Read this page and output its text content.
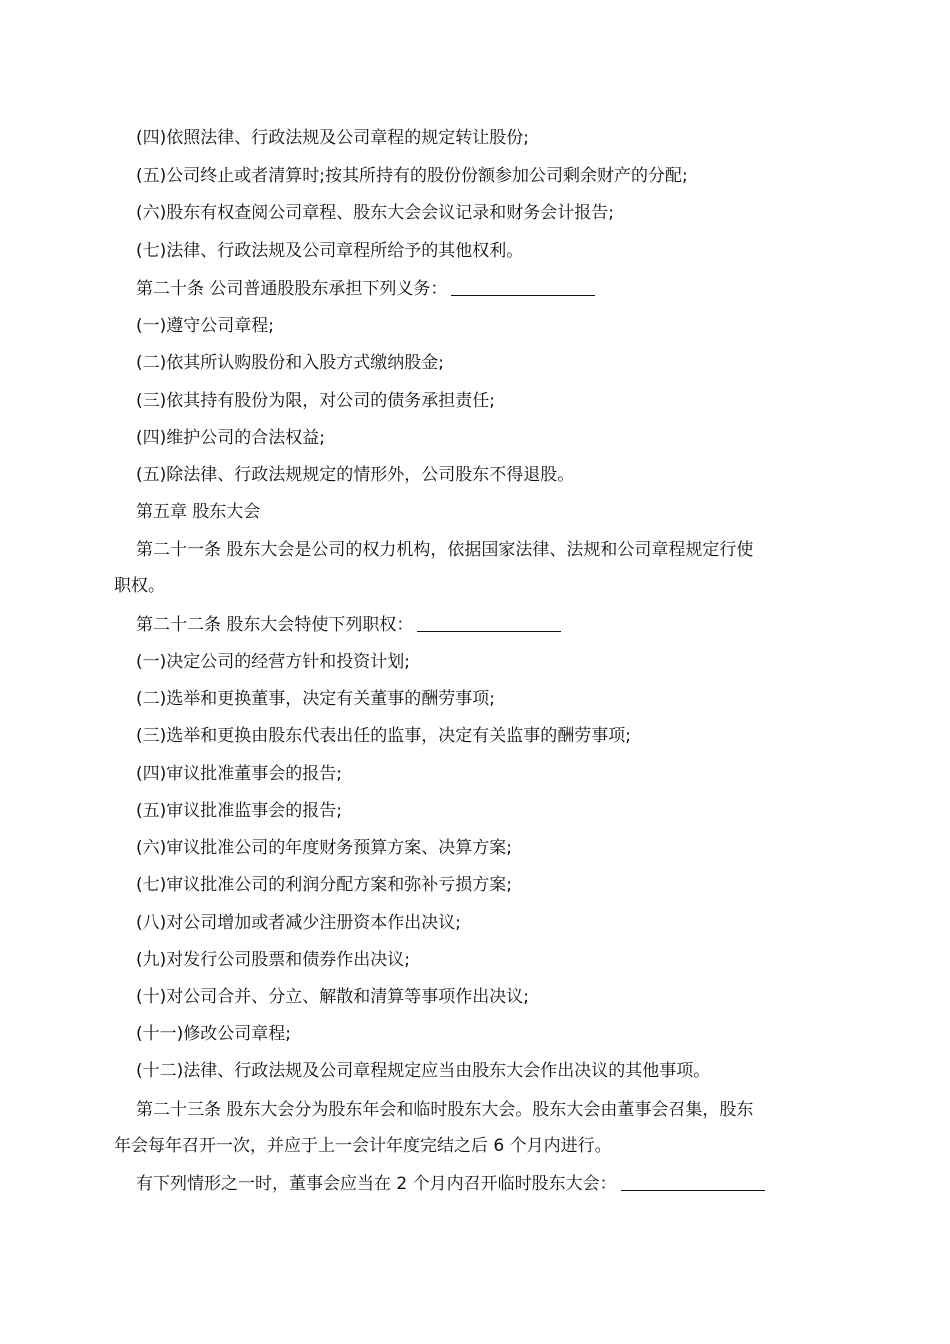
(四)依照法律、行政法规及公司章程的规定转让股份;
(五)公司终止或者清算时;按其所持有的股份份额参加公司剩余财产的分配;
(六)股东有权查阅公司章程、股东大会会议记录和财务会计报告;
(七)法律、行政法规及公司章程所给予的其他权利。
第二十条 公司普通股股东承担下列义务：
(一)遵守公司章程;
(二)依其所认购股份和入股方式缴纳股金;
(三)依其持有股份为限，对公司的债务承担责任;
(四)维护公司的合法权益;
(五)除法律、行政法规规定的情形外，公司股东不得退股。
第五章 股东大会
第二十一条 股东大会是公司的权力机构，依据国家法律、法规和公司章程规定行使
职权。
第二十二条 股东大会特使下列职权：
(一)决定公司的经营方针和投资计划;
(二)选举和更换董事，决定有关董事的酬劳事项;
(三)选举和更换由股东代表出任的监事，决定有关监事的酬劳事项;
(四)审议批准董事会的报告;
(五)审议批准监事会的报告;
(六)审议批准公司的年度财务预算方案、决算方案;
(七)审议批准公司的利润分配方案和弥补亏损方案;
(八)对公司增加或者减少注册资本作出决议;
(九)对发行公司股票和债券作出决议;
(十)对公司合并、分立、解散和清算等事项作出决议;
(十一)修改公司章程;
(十二)法律、行政法规及公司章程规定应当由股东大会作出决议的其他事项。
第二十三条 股东大会分为股东年会和临时股东大会。股东大会由董事会召集，股东
年会每年召开一次，并应于上一会计年度完结之后 6 个月内进行。
有下列情形之一时，董事会应当在 2 个月内召开临时股东大会：
